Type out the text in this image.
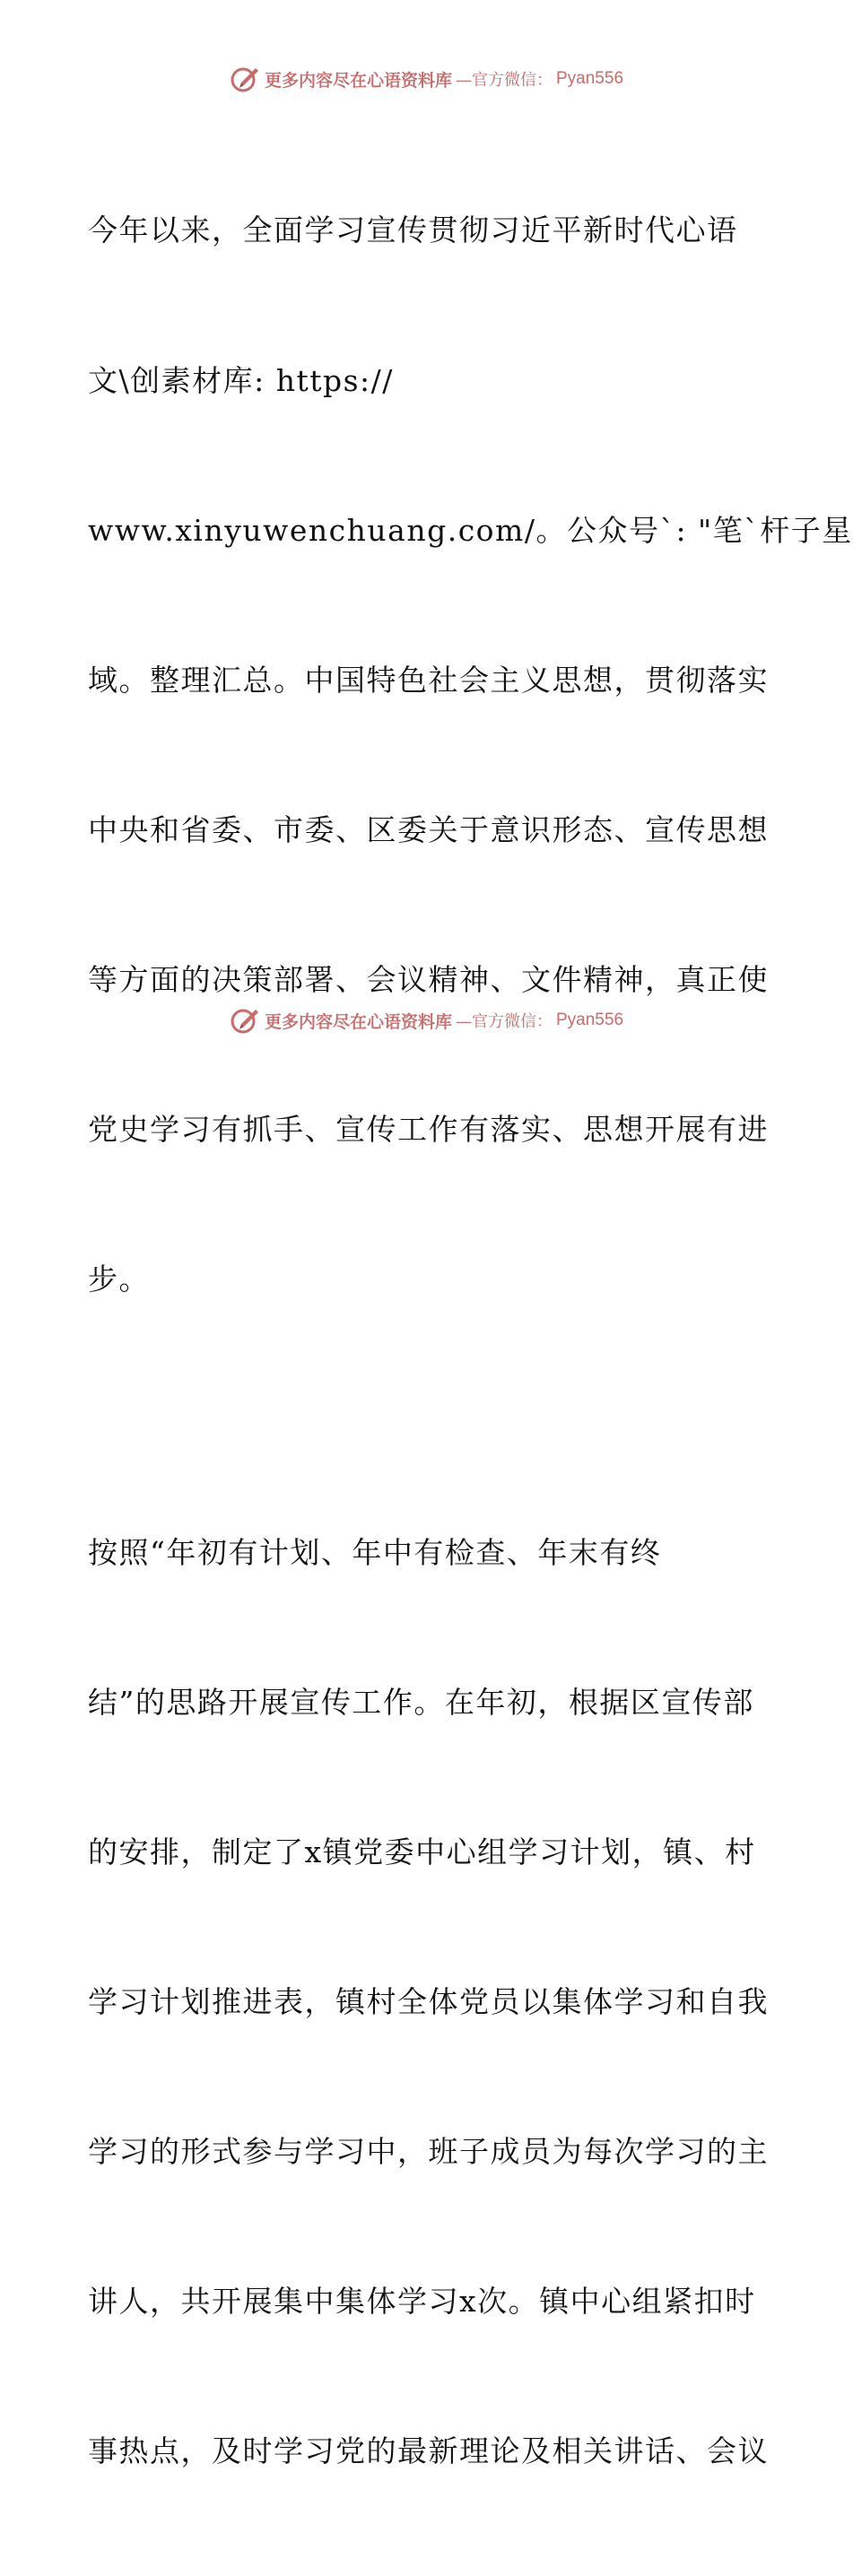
更多内容尽在心语资料库 —官方微信： Pyan556

今年以来，全面学习宣传贯彻习近平新时代心语

文\创素材库: https://

www.xinyuwenchuang.com/。公众号`: "笔`杆子星

域。整理汇总。中国特色社会主义思想，贯彻落实

中央和省委、市委、区委关于意识形态、宣传思想

等方面的决策部署、会议精神、文件精神，真正使

党史学习有抓手、宣传工作有落实、思想开展有进

步。

按照“年初有计划、年中有检查、年末有终

结”的思路开展宣传工作。在年初，根据区宣传部

的安排，制定了x镇党委中心组学习计划，镇、村

学习计划推进表，镇村全体党员以集体学习和自我

学习的形式参与学习中，班子成员为每次学习的主

讲人，共开展集中集体学习x次。镇中心组紧扣时

事热点，及时学习党的最新理论及相关讲话、会议

更多内容尽在心语资料库 —官方微信： Pyan556
